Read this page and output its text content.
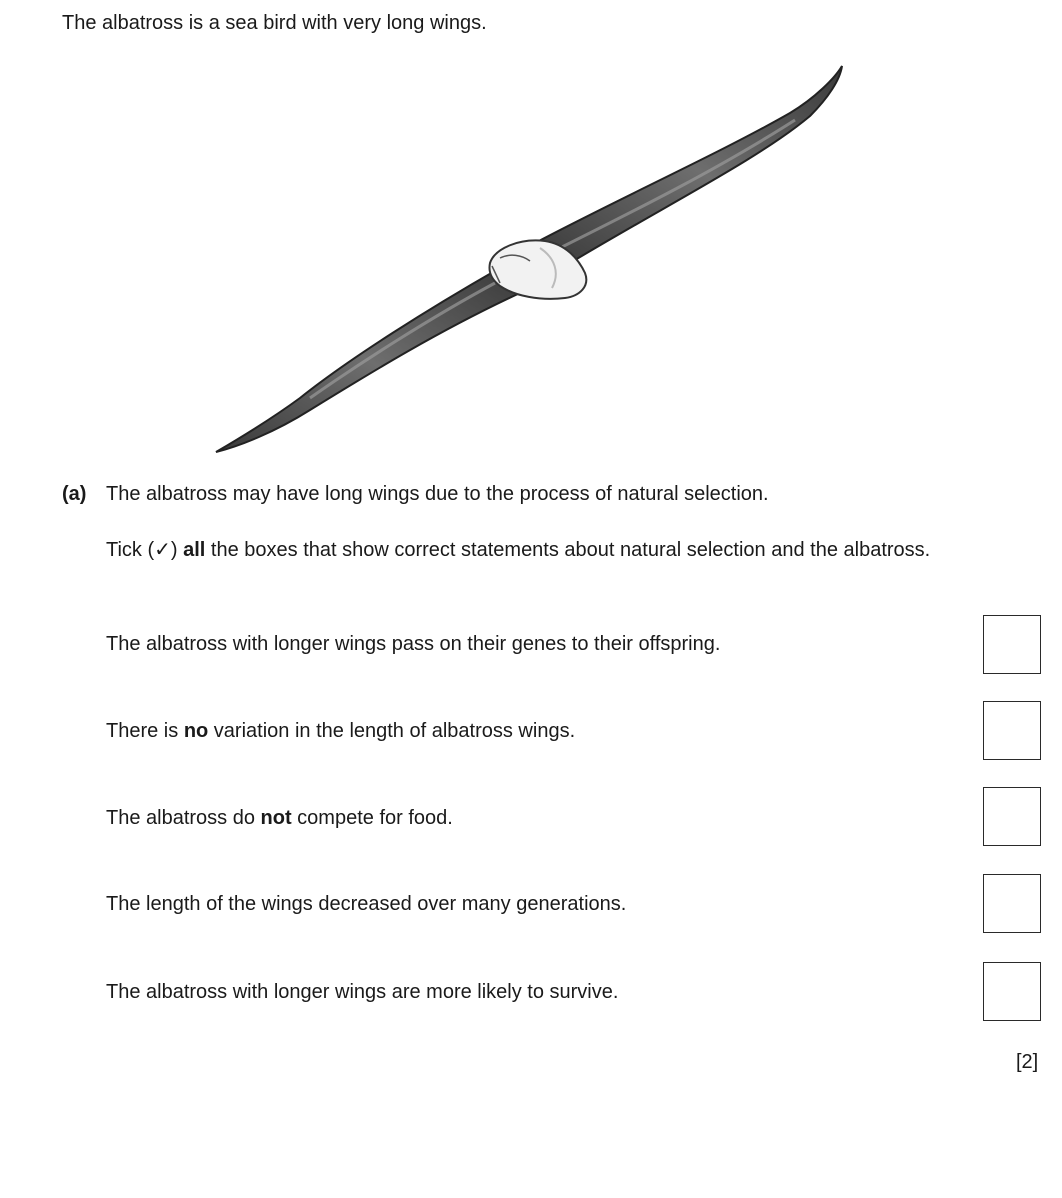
The albatross is a sea bird with very long wings.
(a) The albatross may have long wings due to the process of natural selection.
Tick (✓) all the boxes that show correct statements about natural selection and the albatross.
The albatross with longer wings pass on their genes to their offspring.
There is no variation in the length of albatross wings.
The albatross do not compete for food.
The length of the wings decreased over many generations.
The albatross with longer wings are more likely to survive.
[2]
